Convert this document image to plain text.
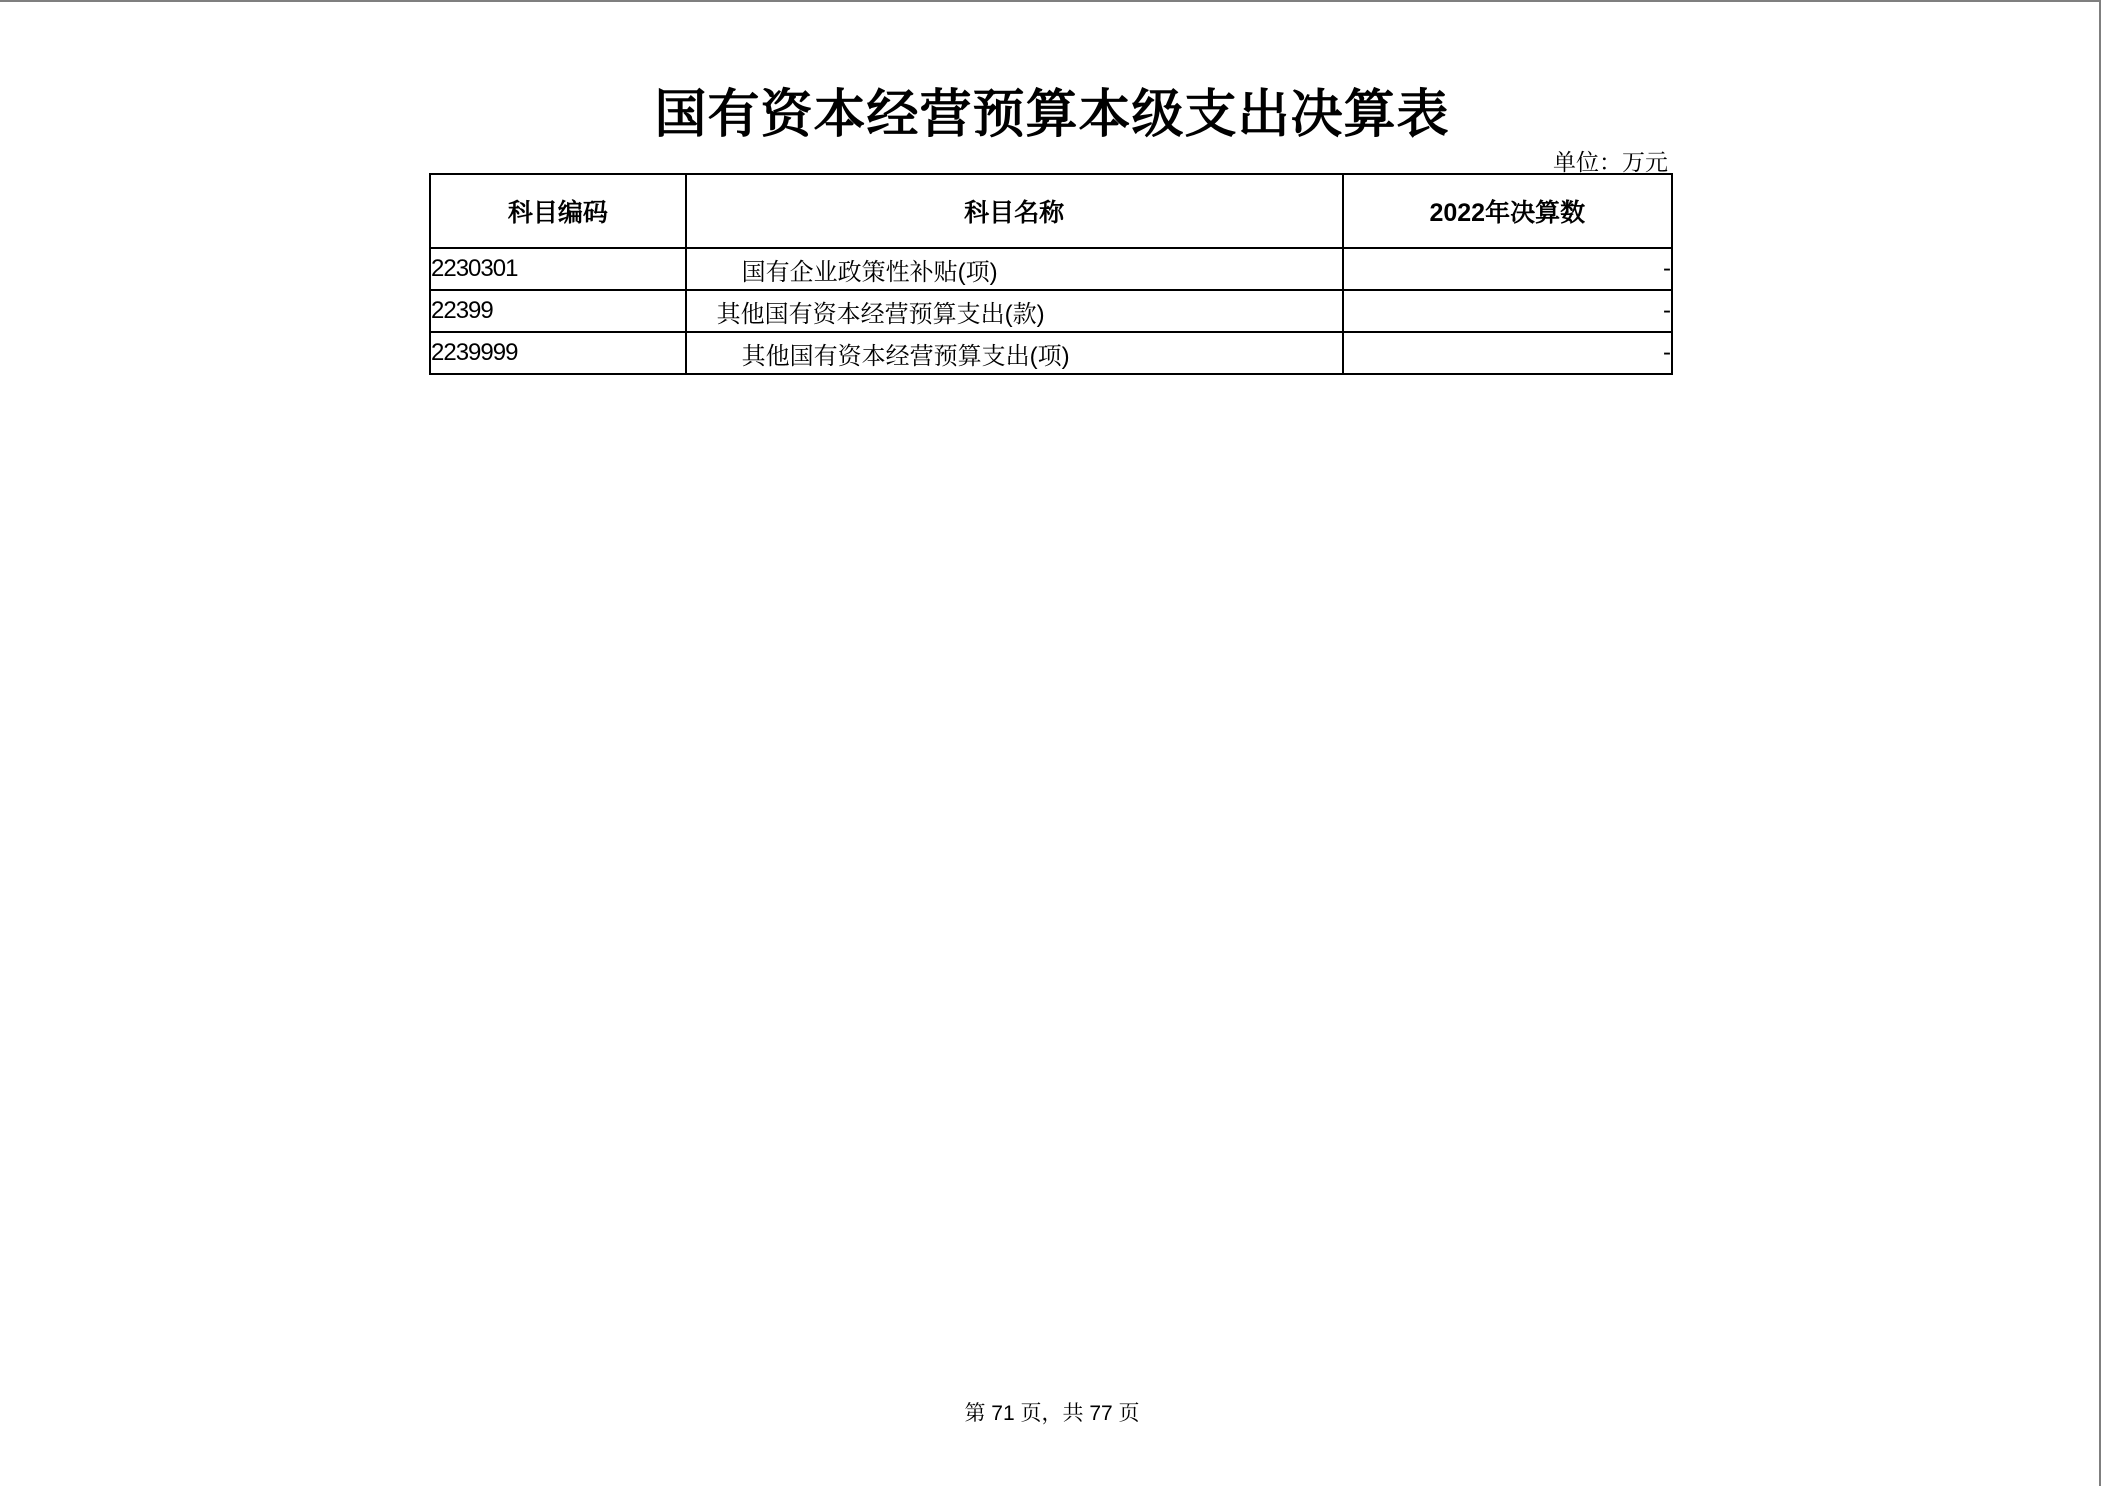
国有资本经营预算本级支出决算表
单位：万元
科目编码	科目名称	2022年决算数
2230301	国有企业政策性补贴(项)	-
22399	其他国有资本经营预算支出(款)	-
2239999	其他国有资本经营预算支出(项)	-
第 71 页，共 77 页
